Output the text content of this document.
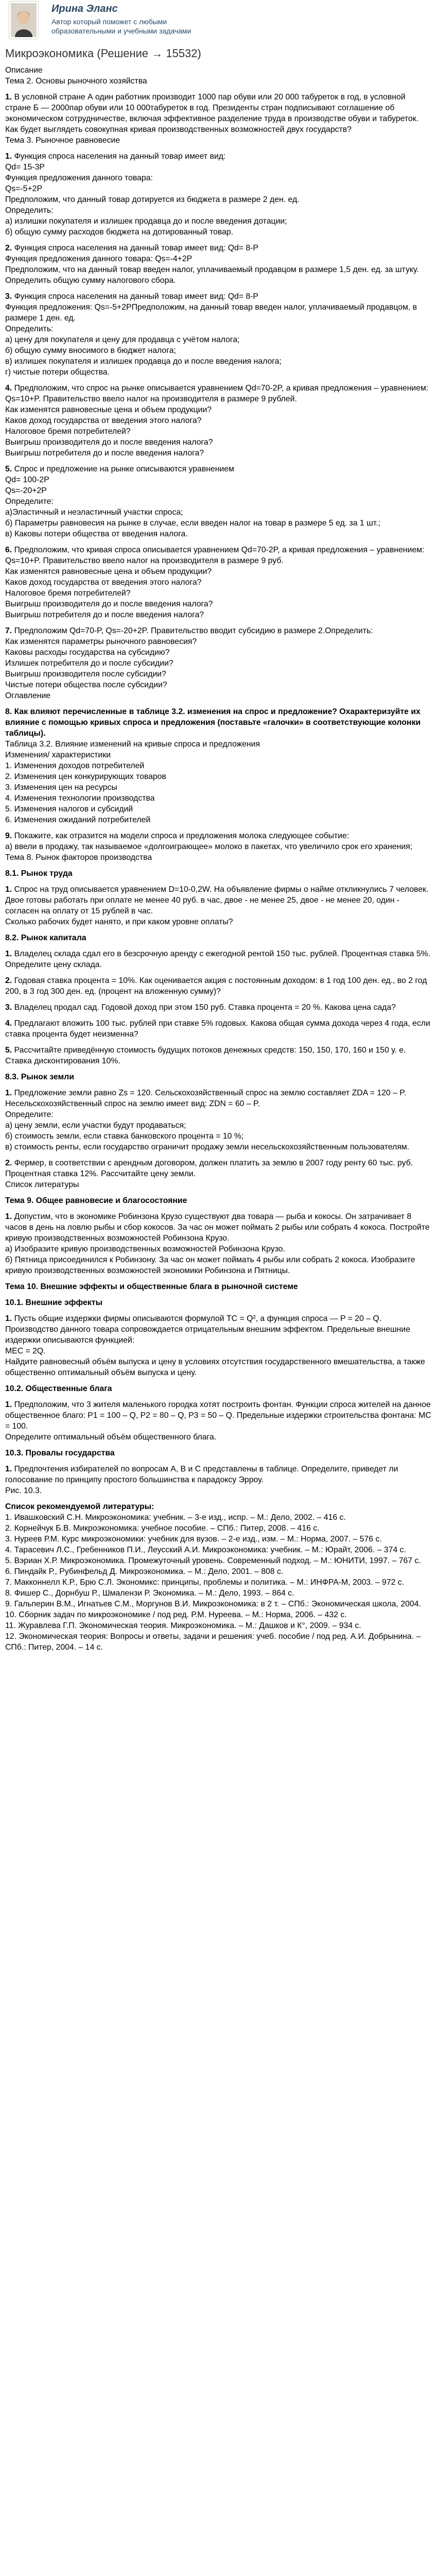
Ирина Эланс
Автор который поможет с любыми образовательными и учебными задачами
Микроэкономика (Решение → 15532)

Описание

Тема 2. Основы рыночного хозяйства

1. В условной стране А один работник производит 1000 пар обуви или 20 000 табуреток в год, в условной стране Б — 2000пар обуви или 10 000табуреток в год. Президенты стран подписывают соглашение об экономическом сотрудничестве, включая эффективное разделение труда в производстве обуви и табуреток. Как будет выглядеть совокупная кривая производственных возможностей двух государств?

Тема 3. Рыночное равновесие

1. Функция спроса населения на данный товар имеет вид:

Qd= 15-3P

Функция предложения данного товара:

Qs=-5+2P

Предположим, что данный товар дотируется из бюджета в размере 2 ден. ед.

Определить:

а) излишки покупателя и излишек продавца до и после введения дотации;

б) общую сумму расходов бюджета на дотированный товар.

2. Функция спроса населения на данный товар имеет вид: Qd= 8-P

Функция предложения данного товара: Qs=-4+2P

Предположим, что на данный товар введен налог, уплачиваемый продавцом в размере 1,5 ден. ед. за штуку.

Определить общую сумму налогового сбора.

3. Функция спроса населения на данный товар имеет вид: Qd= 8-P

Функция предложения: Qs=-5+2PПредположим, на данный товар введен налог, уплачиваемый продавцом, в размере 1 ден. ед.

Определить:

а) цену для покупателя и цену для продавца с учётом налога;

б) общую сумму вносимого в бюджет налога;

в) излишек покупателя и излишек продавца до и после введения налога;

г) чистые потери общества.

4. Предположим, что спрос на рынке описывается уравнением Qd=70-2P, а кривая предложения – уравнением: Qs=10+P. Правительство ввело налог на производителя в размере 9 рублей.

Как изменятся равновесные цена и объем продукции?

Каков доход государства от введения этого налога?

Налоговое бремя потребителей?

Выигрыш производителя до и после введения налога?

Выигрыш потребителя до и после введения налога?

5. Спрос и предложение на рынке описываются уравнением

Qd= 100-2P

Qs=-20+2P

Определите:

а)Эластичный и неэластичный участки спроса;

б) Параметры равновесия на рынке в случае, если введен налог на товар в размере 5 ед. за 1 шт.;

в) Каковы потери общества от введения налога.

6. Предположим, что кривая спроса описывается уравнением Qd=70-2P, а кривая предложения – уравнением: Qs=10+P. Правительство ввело налог на производителя в размере 9 руб.

Как изменятся равновесные цена и объем продукции?

Каков доход государства от введения этого налога?

Налоговое бремя потребителей?

Выигрыш производителя до и после введения налога?

Выигрыш потребителя до и после введения налога?

7. Предположим Qd=70-P, Qs=-20+2P. Правительство вводит субсидию в размере 2.Определить:

Как изменятся параметры рыночного равновесия?

Каковы расходы государства на субсидию?

Излишек потребителя до и после субсидии?

Выигрыш производителя после субсидии?

Чистые потери общества после субсидии?

Оглавление

8. Как влияют перечисленные в таблице 3.2. изменения на спрос и предложение? Охарактеризуйте их влияние с помощью кривых спроса и предложения (поставьте «галочки» в соответствующие колонки таблицы).

Таблица 3.2. Влияние изменений на кривые спроса и предложения

Изменения/ характеристики

1. Изменения доходов потребителей

2. Изменения цен конкурирующих товаров

3. Изменения цен на ресурсы

4. Изменения технологии производства

5. Изменения налогов и субсидий

6. Изменения ожиданий потребителей

9. Покажите, как отразится на модели спроса и предложения молока следующее событие:

а) ввели в продажу, так называемое «долгоиграющее» молоко в пакетах, что увеличило срок его хранения;

Тема 8. Рынок факторов производства

8.1. Рынок труда

1. Спрос на труд описывается уравнением D=10-0,2W. На объявление фирмы о найме откликнулись 7 человек. Двое готовы работать при оплате не менее 40 руб. в час, двое - не менее 25, двое - не менее 20, один - согласен на оплату от 15 рублей в час.

Сколько рабочих будет нанято, и при каком уровне оплаты?

8.2. Рынок капитала

1. Владелец склада сдал его в безсрочную аренду с ежегодной рентой 150 тыс. рублей. Процентная ставка 5%. Определите цену склада.

2. Годовая ставка процента = 10%. Как оценивается акция с постоянным доходом: в 1 год 100 ден. ед., во 2 год 200, в 3 год 300 ден. ед. (процент на вложенную сумму)?

3. Владелец продал сад. Годовой доход при этом 150 руб. Ставка процента = 20 %. Какова цена сада?

4. Предлагают вложить 100 тыс. рублей при ставке 5% годовых. Какова общая сумма дохода через 4 года, если ставка процента будет неизменна?

5. Рассчитайте приведённую стоимость будущих потоков денежных средств: 150, 150, 170, 160 и 150 у. е. Ставка дисконтирования 10%.

8.3. Рынок земли

1. Предложение земли равно Zs = 120. Сельскохозяйственный спрос на землю составляет ZDA = 120 – P. Несельскохозяйственный спрос на землю имеет вид: ZDN = 60 – P.

Определите:

а) цену земли, если участки будут продаваться;

б) стоимость земли, если ставка банковского процента = 10 %;

в) стоимость ренты, если государство ограничит продажу земли несельскохозяйственным пользователям.

2. Фермер, в соответствии с арендным договором, должен платить за землю в 2007 году ренту 60 тыс. руб. Процентная ставка 12%. Рассчитайте цену земли.

Список литературы

Тема 9. Общее равновесие и благосостояние

1. Допустим, что в экономике Робинзона Крузо существуют два товара — рыба и кокосы. Он затрачивает 8 часов в день на ловлю рыбы и сбор кокосов. За час он может поймать 2 рыбы или собрать 4 кокоса. Постройте кривую производственных возможностей Робинзона Крузо.

а) Изобразите кривую производственных возможностей Робинзона Крузо.

б) Пятница присоединился к Робинзону. За час он может поймать 4 рыбы или собрать 2 кокоса. Изобразите кривую производственных возможностей экономики Робинзона и Пятницы.

Тема 10. Внешние эффекты и общественные блага в рыночной системе

10.1. Внешние эффекты

1. Пусть общие издержки фирмы описываются формулой ТС = Q², а функция спроса — P = 20 – Q. Производство данного товара сопровождается отрицательным внешним эффектом. Предельные внешние издержки описываются функцией:

МЕС = 2Q.

Найдите равновесный объём выпуска и цену в условиях отсутствия государственного вмешательства, а также общественно оптимальный объём выпуска и цену.

10.2. Общественные блага

1. Предположим, что 3 жителя маленького городка хотят построить фонтан. Функции спроса жителей на данное общественное благо: P1 = 100 – Q, P2 = 80 – Q, P3 = 50 – Q. Предельные издержки строительства фонтана: MC = 100.

Определите оптимальный объём общественного блага.

10.3. Провалы государства

1. Предпочтения избирателей по вопросам A, B и C представлены в таблице. Определите, приведет ли голосование по принципу простого большинства к парадоксу Эрроу.

Рис. 10.3.

Список рекомендуемой литературы:

1. Ивашковский С.Н. Микроэкономика: учебник. – 3-е изд., испр. – М.: Дело, 2002. – 416 с.

2. Корнейчук Б.В. Микроэкономика: учебное пособие. – СПб.: Питер, 2008. – 416 с.

3. Нуреев Р.М. Курс микроэкономики: учебник для вузов. – 2-е изд., изм. – М.: Норма, 2007. – 576 с.

4. Тарасевич Л.С., Гребенников П.И., Леусский А.И. Микроэкономика: учебник. – М.: Юрайт, 2006. – 374 с.

5. Вэриан Х.Р. Микроэкономика. Промежуточный уровень. Современный подход. – М.: ЮНИТИ, 1997. – 767 с.

6. Пиндайк Р., Рубинфельд Д. Микроэкономика. – М.: Дело, 2001. – 808 с.

7. Макконнелл К.Р., Брю С.Л. Экономикс: принципы, проблемы и политика. – М.: ИНФРА-М, 2003. – 972 с.

8. Фишер С., Дорнбуш Р., Шмалензи Р. Экономика. – М.: Дело, 1993. – 864 с.

9. Гальперин В.М., Игнатьев С.М., Моргунов В.И. Микроэкономика: в 2 т. – СПб.: Экономическая школа, 2004.

10. Сборник задач по микроэкономике / под ред. Р.М. Нуреева. – М.: Норма, 2006. – 432 с.

11. Журавлева Г.П. Экономическая теория. Микроэкономика. – М.: Дашков и К°, 2009. – 934 с.

12. Экономическая теория: Вопросы и ответы, задачи и решения: учеб. пособие / под ред. А.И. Добрынина. – СПб.: Питер, 2004. – 14 с.
